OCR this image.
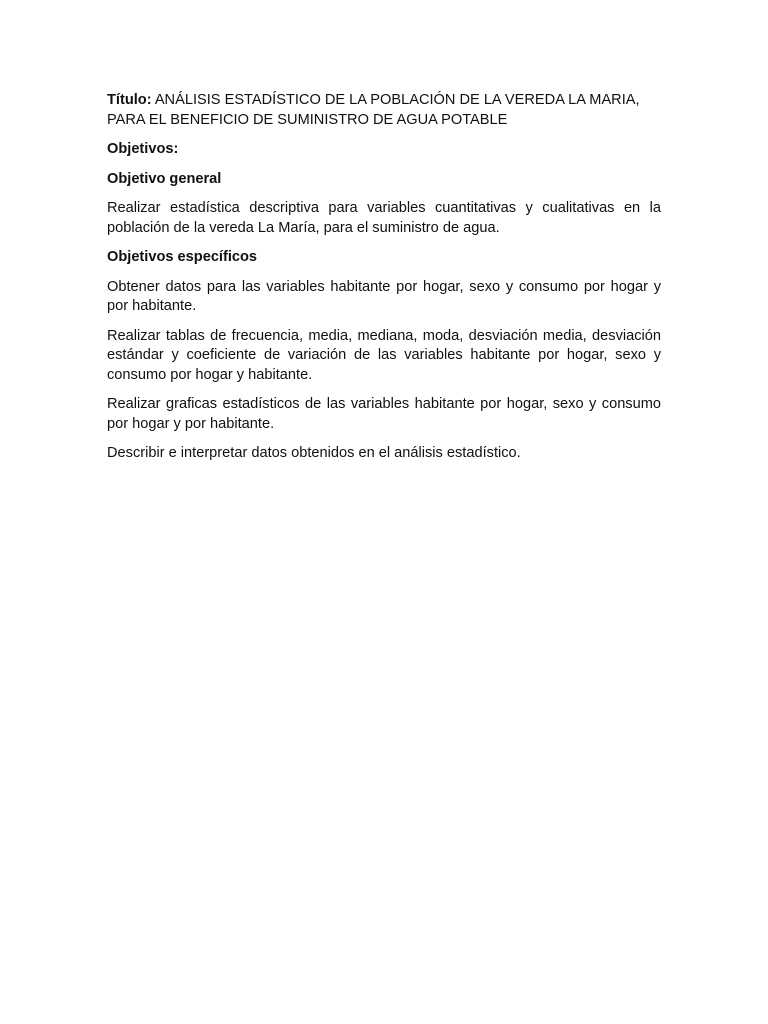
Título: ANÁLISIS ESTADÍSTICO DE LA POBLACIÓN DE LA VEREDA LA MARIA, PARA EL BENEFICIO DE SUMINISTRO DE AGUA POTABLE

Objetivos:

Objetivo general

Realizar estadística descriptiva para variables cuantitativas y cualitativas en la población de la vereda La María, para el suministro de agua.

Objetivos específicos

Obtener datos para las variables habitante por hogar, sexo y consumo por hogar y por habitante.

Realizar tablas de frecuencia, media, mediana, moda, desviación media, desviación estándar y coeficiente de variación de las variables habitante por hogar, sexo y consumo por hogar y habitante.

Realizar graficas estadísticos de las variables habitante por hogar, sexo y consumo por hogar y por habitante.

Describir e interpretar datos obtenidos en el análisis estadístico.
